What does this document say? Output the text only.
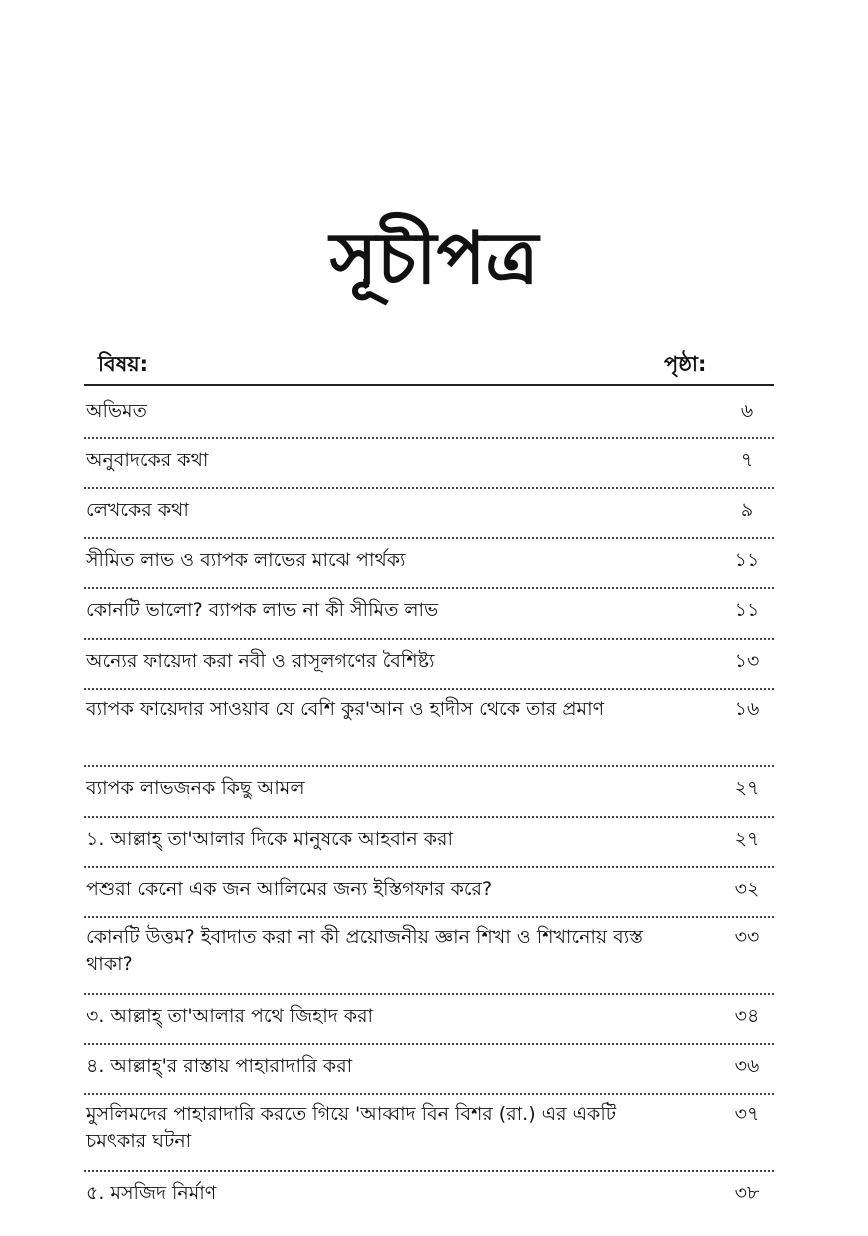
সূচীপত্র
বিষয়:	পৃষ্ঠা:
অভিমত	৬
অনুবাদকের কথা	৭
লেখকের কথা	৯
সীমিত লাভ ও ব্যাপক লাভের মাঝে পার্থক্য	১১
কোনটি ভালো? ব্যাপক লাভ না কী সীমিত লাভ	১১
অন্যের ফায়েদা করা নবী ও রাসূলগণের বৈশিষ্ট্য	১৩
ব্যাপক ফায়েদার সাওয়াব যে বেশি কুর'আন ও হাদীস থেকে তার প্রমাণ	১৬
ব্যাপক লাভজনক কিছু আমল	২৭
১. আল্লাহ্ তা'আলার দিকে মানুষকে আহবান করা	২৭
পশুরা কেনো এক জন আলিমের জন্য ইস্তিগফার করে?	৩২
কোনটি উত্তম? ইবাদাত করা না কী প্রয়োজনীয় জ্ঞান শিখা ও শিখানোয় ব্যস্ত থাকা?
৩৩
৩. আল্লাহ্ তা'আলার পথে জিহাদ করা	৩৪
৪. আল্লাহ্'র রাস্তায় পাহারাদারি করা	৩৬
মুসলিমদের পাহারাদারি করতে গিয়ে 'আব্বাদ বিন বিশর (রা.) এর একটি চমৎকার ঘটনা
৩৭
৫. মসজিদ নির্মাণ	৩৮
